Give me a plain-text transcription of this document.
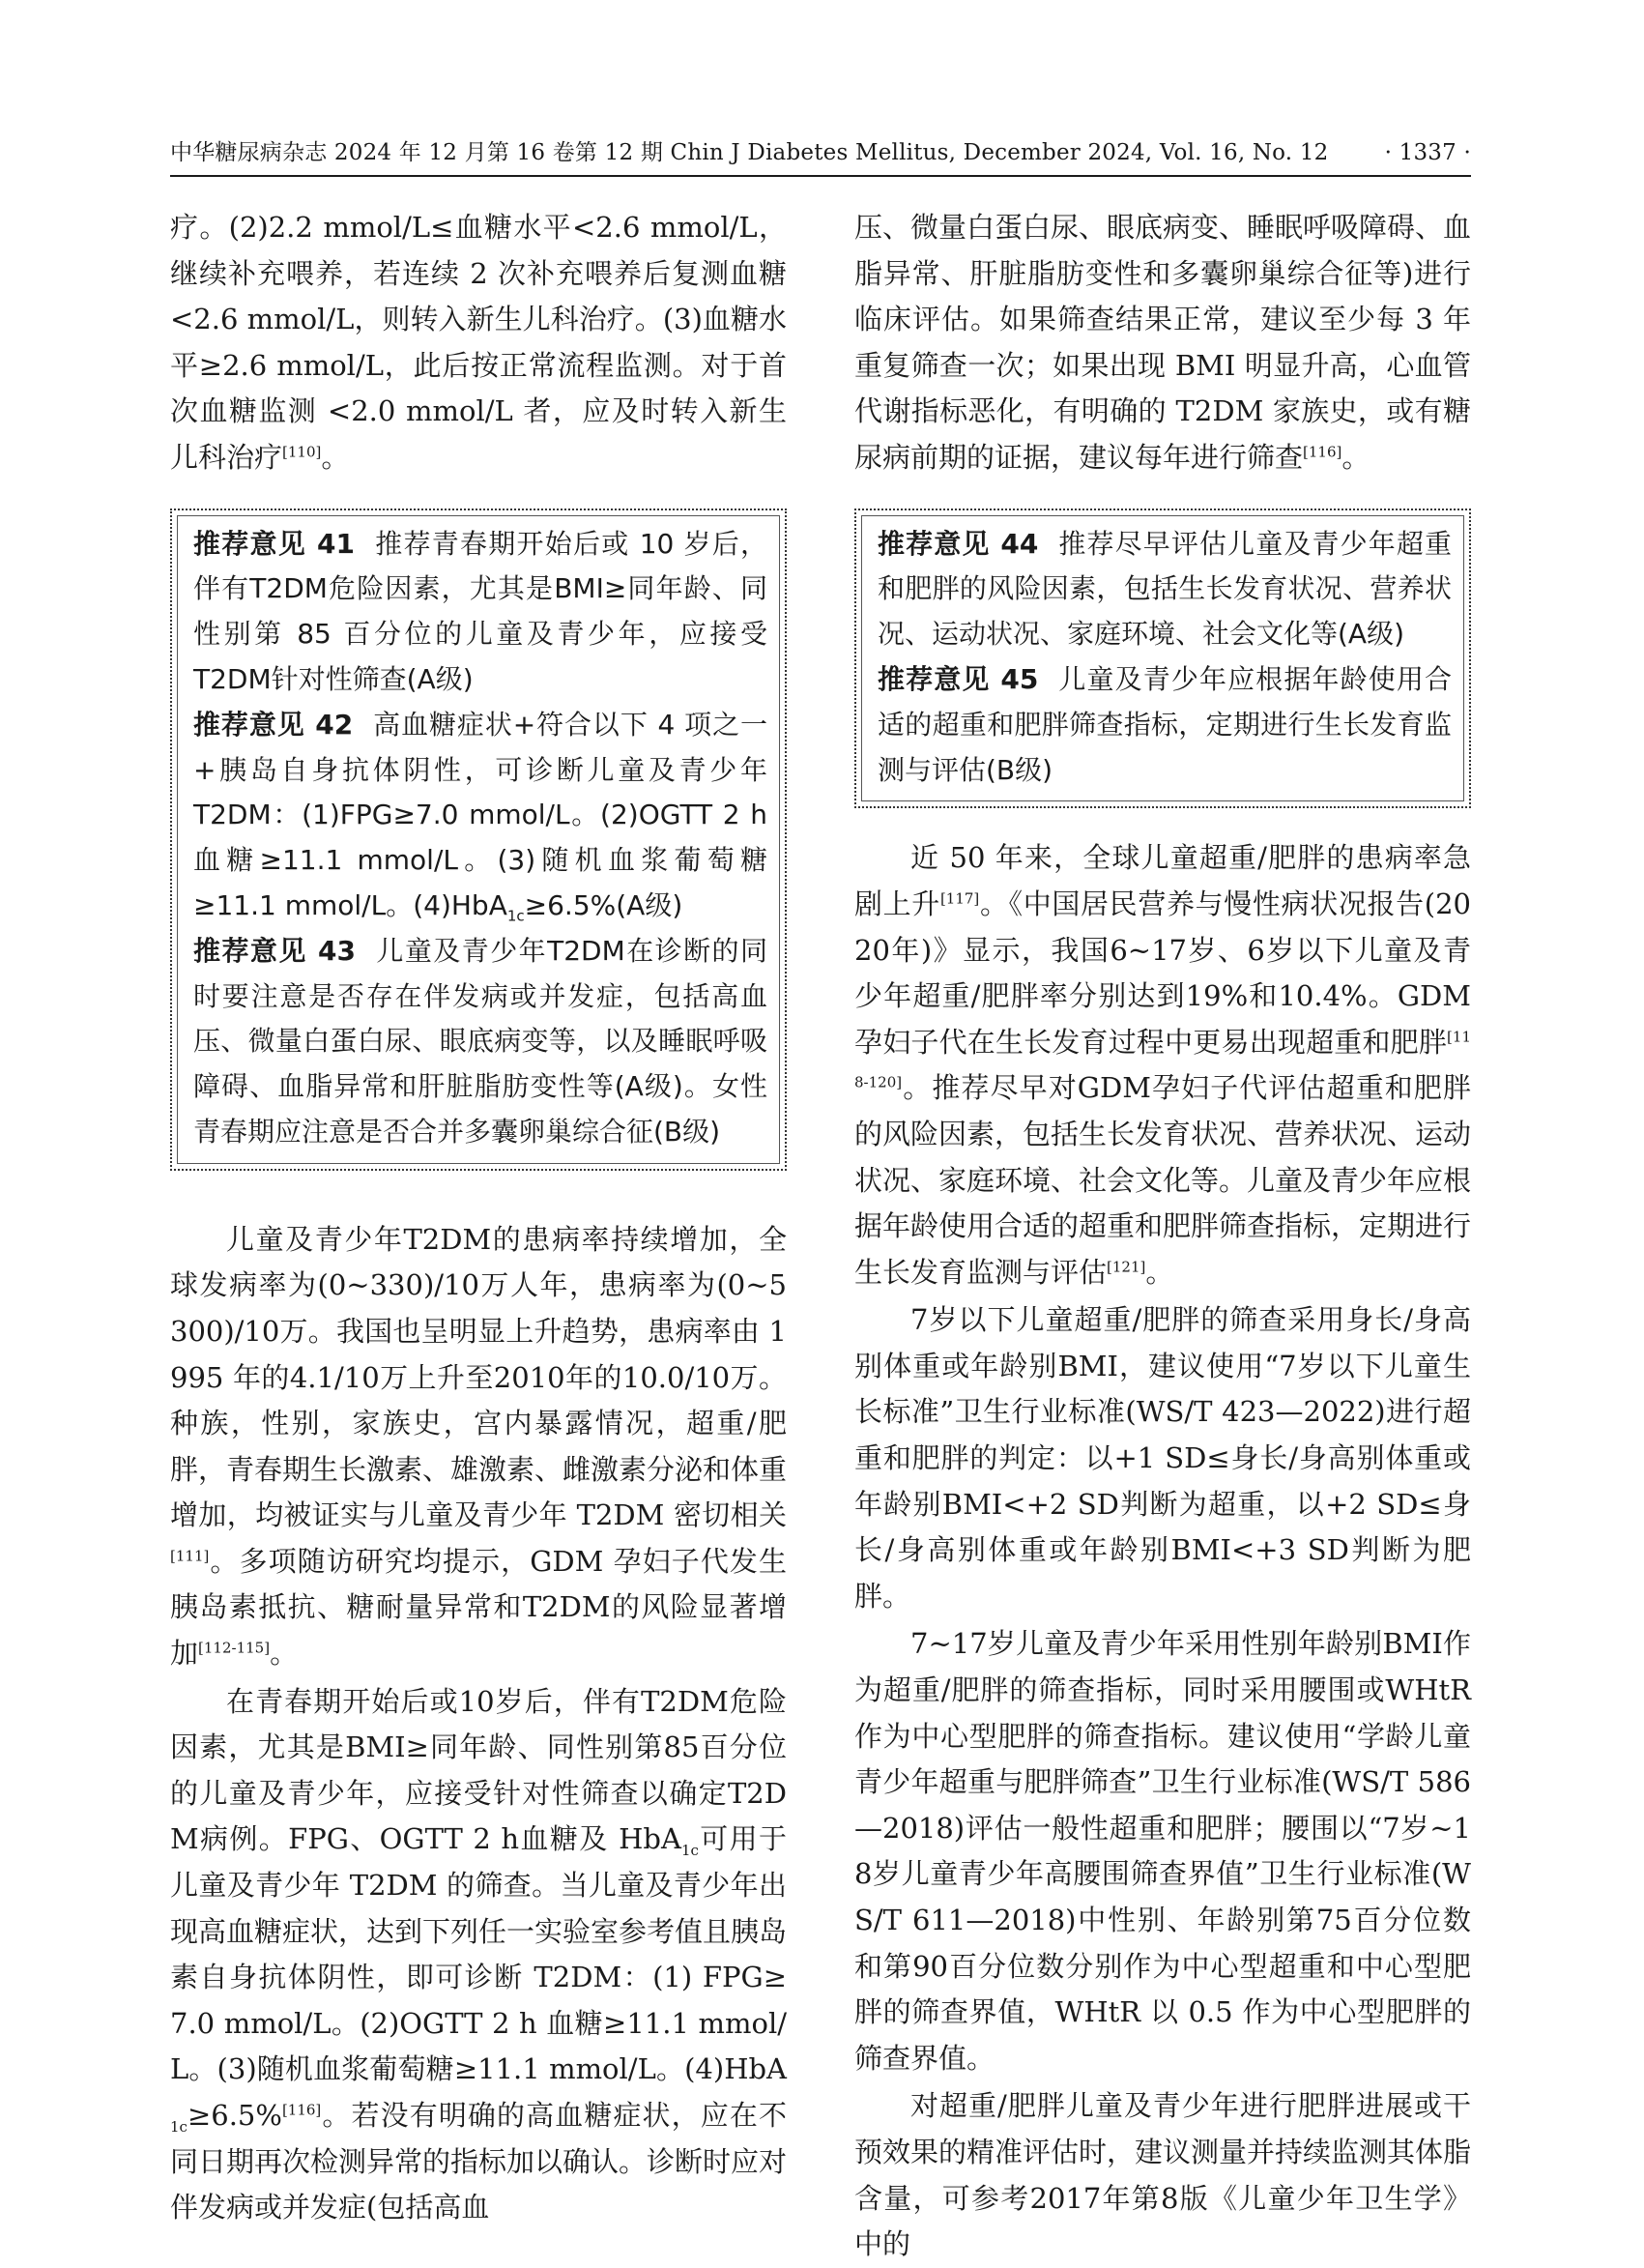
中华糖尿病杂志 2024 年 12 月第 16 卷第 12 期 Chin J Diabetes Mellitus, December 2024, Vol. 16, No. 12	· 1337 ·

疗。(2)2.2 mmol/L≤血糖水平<2.6 mmol/L，继续补充喂养，若连续 2 次补充喂养后复测血糖<2.6 mmol/L，则转入新生儿科治疗。(3)血糖水平≥2.6 mmol/L，此后按正常流程监测。对于首次血糖监测 <2.0 mmol/L 者，应及时转入新生儿科治疗[110]。

推荐意见 41 推荐青春期开始后或 10 岁后，伴有T2DM危险因素，尤其是BMI≥同年龄、同性别第 85 百分位的儿童及青少年，应接受T2DM针对性筛查(A级)

推荐意见 42 高血糖症状+符合以下 4 项之一+胰岛自身抗体阴性，可诊断儿童及青少年 T2DM：(1)FPG≥7.0 mmol/L。(2)OGTT 2 h 血糖≥11.1 mmol/L。(3)随机血浆葡萄糖≥11.1 mmol/L。(4)HbA$_{1c}$≥6.5%(A级)

推荐意见 43 儿童及青少年T2DM在诊断的同时要注意是否存在伴发病或并发症，包括高血压、微量白蛋白尿、眼底病变等，以及睡眠呼吸障碍、血脂异常和肝脏脂肪变性等(A级)。女性青春期应注意是否合并多囊卵巢综合征(B级)

儿童及青少年T2DM的患病率持续增加，全球发病率为(0~330)/10万人年，患病率为(0~5 300)/10万。我国也呈明显上升趋势，患病率由 1995 年的4.1/10万上升至2010年的10.0/10万。种族，性别，家族史，宫内暴露情况，超重/肥胖，青春期生长激素、雄激素、雌激素分泌和体重增加，均被证实与儿童及青少年 T2DM 密切相关[111]。多项随访研究均提示，GDM 孕妇子代发生胰岛素抵抗、糖耐量异常和T2DM的风险显著增加[112-115]。

在青春期开始后或10岁后，伴有T2DM危险因素，尤其是BMI≥同年龄、同性别第85百分位的儿童及青少年，应接受针对性筛查以确定T2DM病例。FPG、OGTT 2 h血糖及 HbA$_{1c}$可用于儿童及青少年 T2DM 的筛查。当儿童及青少年出现高血糖症状，达到下列任一实验室参考值且胰岛素自身抗体阴性，即可诊断 T2DM：(1) FPG≥7.0 mmol/L。(2)OGTT 2 h 血糖≥11.1 mmol/L。(3)随机血浆葡萄糖≥11.1 mmol/L。(4)HbA$_{1c}$≥6.5%[116]。若没有明确的高血糖症状，应在不同日期再次检测异常的指标加以确认。诊断时应对伴发病或并发症(包括高血

压、微量白蛋白尿、眼底病变、睡眠呼吸障碍、血脂异常、肝脏脂肪变性和多囊卵巢综合征等)进行临床评估。如果筛查结果正常，建议至少每 3 年重复筛查一次；如果出现 BMI 明显升高，心血管代谢指标恶化，有明确的 T2DM 家族史，或有糖尿病前期的证据，建议每年进行筛查[116]。

推荐意见 44 推荐尽早评估儿童及青少年超重和肥胖的风险因素，包括生长发育状况、营养状况、运动状况、家庭环境、社会文化等(A级)

推荐意见 45 儿童及青少年应根据年龄使用合适的超重和肥胖筛查指标，定期进行生长发育监测与评估(B级)

近 50 年来，全球儿童超重/肥胖的患病率急剧上升[117]。《中国居民营养与慢性病状况报告(2020年)》显示，我国6~17岁、6岁以下儿童及青少年超重/肥胖率分别达到19%和10.4%。GDM孕妇子代在生长发育过程中更易出现超重和肥胖[118-120]。推荐尽早对GDM孕妇子代评估超重和肥胖的风险因素，包括生长发育状况、营养状况、运动状况、家庭环境、社会文化等。儿童及青少年应根据年龄使用合适的超重和肥胖筛查指标，定期进行生长发育监测与评估[121]。

7岁以下儿童超重/肥胖的筛查采用身长/身高别体重或年龄别BMI，建议使用“7岁以下儿童生长标准”卫生行业标准(WS/T 423—2022)进行超重和肥胖的判定：以+1 SD≤身长/身高别体重或年龄别BMI<+2 SD判断为超重，以+2 SD≤身长/身高别体重或年龄别BMI<+3 SD判断为肥胖。

7~17岁儿童及青少年采用性别年龄别BMI作为超重/肥胖的筛查指标，同时采用腰围或WHtR作为中心型肥胖的筛查指标。建议使用“学龄儿童青少年超重与肥胖筛查”卫生行业标准(WS/T 586—2018)评估一般性超重和肥胖；腰围以“7岁~18岁儿童青少年高腰围筛查界值”卫生行业标准(WS/T 611—2018)中性别、年龄别第75百分位数和第90百分位数分别作为中心型超重和中心型肥胖的筛查界值，WHtR 以 0.5 作为中心型肥胖的筛查界值。

对超重/肥胖儿童及青少年进行肥胖进展或干预效果的精准评估时，建议测量并持续监测其体脂含量，可参考2017年第8版《儿童少年卫生学》中的
